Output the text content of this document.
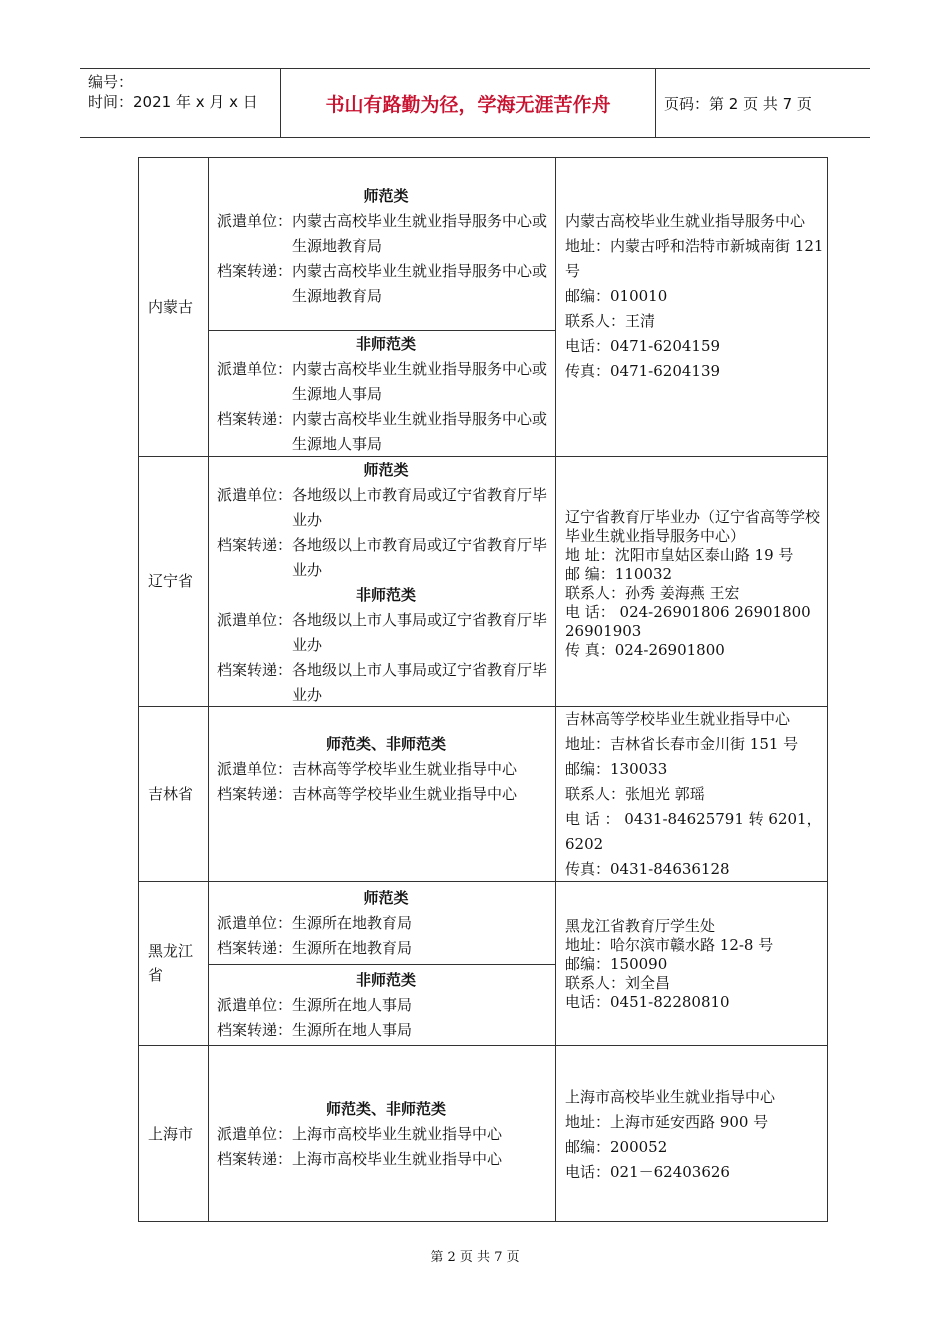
编号：
时间：2021 年 x 月 x 日	书山有路勤为径，学海无涯苦作舟	页码：第 2 页 共 7 页
内蒙古
师范类
派遣单位： 内蒙古高校毕业生就业指导服务中心或生源地教育局
档案转递： 内蒙古高校毕业生就业指导服务中心或生源地教育局
非师范类
派遣单位： 内蒙古高校毕业生就业指导服务中心或生源地人事局
档案转递： 内蒙古高校毕业生就业指导服务中心或生源地人事局
内蒙古高校毕业生就业指导服务中心
地址：内蒙古呼和浩特市新城南街 121 号
邮编：010010
联系人：王清
电话：0471-6204159
传真：0471-6204139
辽宁省
师范类
派遣单位： 各地级以上市教育局或辽宁省教育厅毕业办
档案转递： 各地级以上市教育局或辽宁省教育厅毕业办
非师范类
派遣单位： 各地级以上市人事局或辽宁省教育厅毕业办
档案转递： 各地级以上市人事局或辽宁省教育厅毕业办
辽宁省教育厅毕业办（辽宁省高等学校毕业生就业指导服务中心）
地 址：沈阳市皇姑区泰山路 19 号
邮 编：110032
联系人：孙秀 姜海燕 王宏
电 话： 024-26901806 26901800 26901903
传 真：024-26901800
吉林省
师范类、非师范类
派遣单位： 吉林高等学校毕业生就业指导中心
档案转递： 吉林高等学校毕业生就业指导中心
吉林高等学校毕业生就业指导中心
地址：吉林省长春市金川街 151 号
邮编：130033
联系人：张旭光 郭瑶
电 话 ： 0431-84625791 转 6201，6202
传真：0431-84636128
黑龙江省
师范类
派遣单位： 生源所在地教育局
档案转递： 生源所在地教育局
非师范类
派遣单位： 生源所在地人事局
档案转递： 生源所在地人事局
黑龙江省教育厅学生处
地址：哈尔滨市赣水路 12-8 号
邮编：150090
联系人：刘全昌
电话：0451-82280810
上海市
师范类、非师范类
派遣单位： 上海市高校毕业生就业指导中心
档案转递： 上海市高校毕业生就业指导中心
上海市高校毕业生就业指导中心
地址：上海市延安西路 900 号
邮编：200052
电话：021－62403626
第 2 页 共 7 页
